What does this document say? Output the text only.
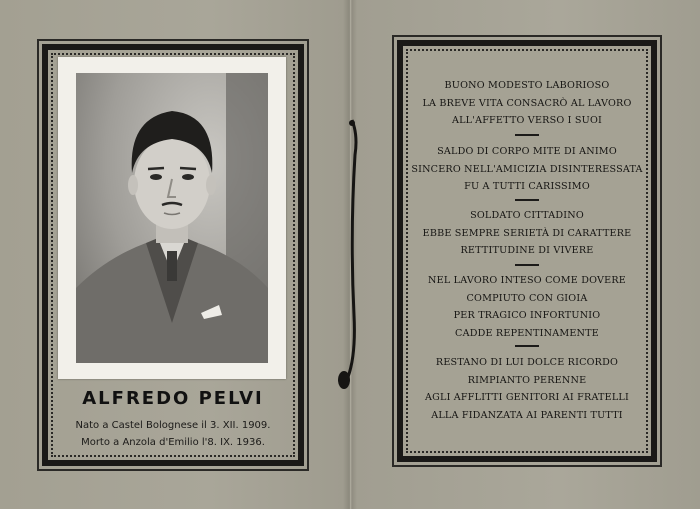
ALFREDO PELVI
Nato a Castel Bolognese il 3. XII. 1909.
Morto a Anzola d'Emilio l'8. IX. 1936.
BUONO MODESTO LABORIOSO
LA BREVE VITA CONSACRÒ AL LAVORO
ALL'AFFETTO VERSO I SUOI
SALDO DI CORPO MITE DI ANIMO
SINCERO NELL'AMICIZIA DISINTERESSATA
FU A TUTTI CARISSIMO
SOLDATO CITTADINO
EBBE SEMPRE SERIETÀ DI CARATTERE
RETTITUDINE DI VIVERE
NEL LAVORO INTESO COME DOVERE
COMPIUTO CON GIOIA
PER TRAGICO INFORTUNIO
CADDE REPENTINAMENTE
RESTANO DI LUI DOLCE RICORDO
RIMPIANTO PERENNE
AGLI AFFLITTI GENITORI AI FRATELLI
ALLA FIDANZATA AI PARENTI TUTTI
